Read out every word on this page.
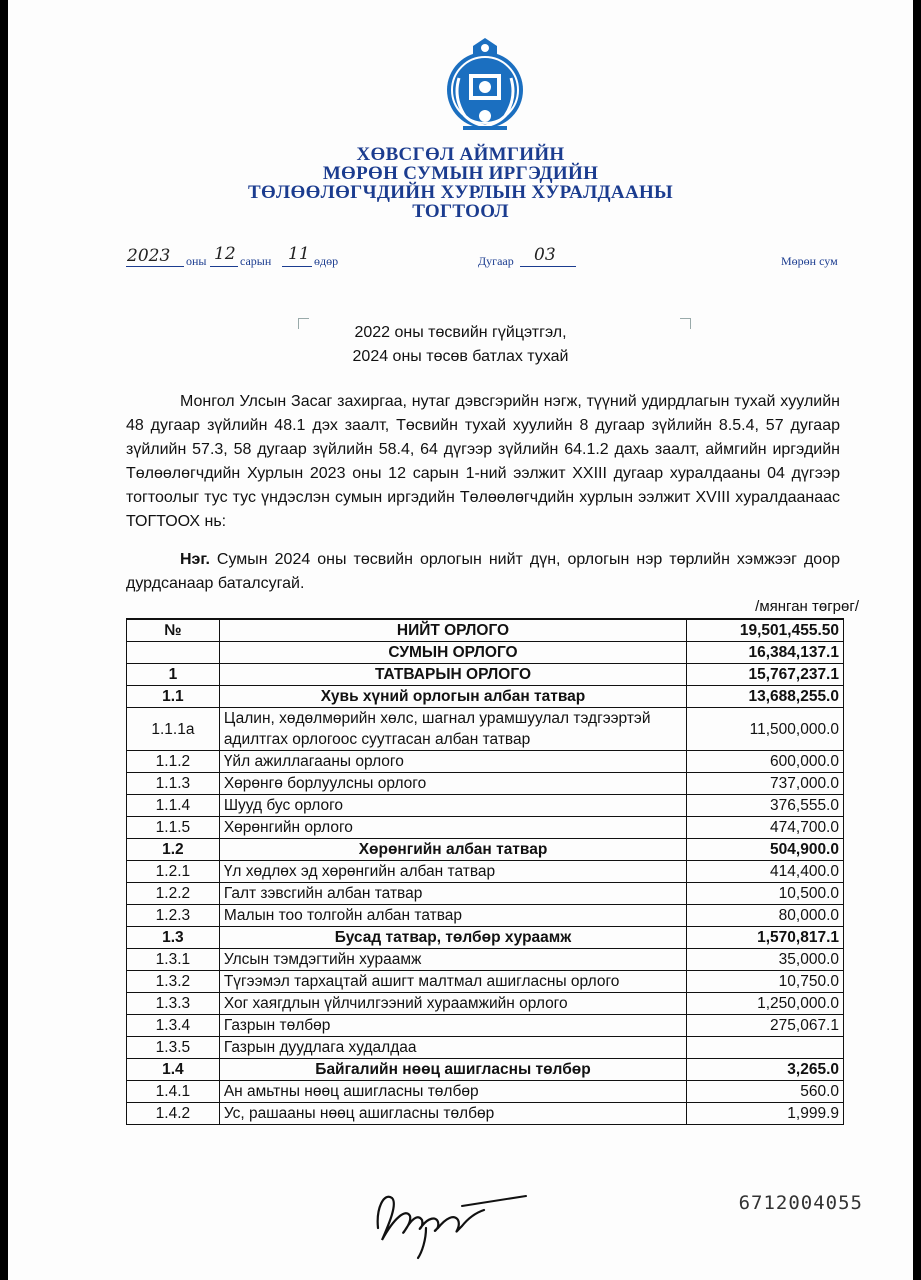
ХӨВСГӨЛ АЙМГИЙН
МӨРӨН СУМЫН ИРГЭДИЙН
ТӨЛӨӨЛӨГЧДИЙН ХУРЛЫН ХУРАЛДААНЫ
ТОГТООЛ
2023 оны 12 сарын 11 өдөр	Дугаар 03	Мөрөн сум
2022 оны төсвийн гүйцэтгэл,
2024 оны төсөв батлах тухай
Монгол Улсын Засаг захиргаа, нутаг дэвсгэрийн нэгж, түүний удирдлагын тухай хуулийн 48 дугаар зүйлийн 48.1 дэх заалт, Төсвийн тухай хуулийн 8 дугаар зүйлийн 8.5.4, 57 дугаар зүйлийн 57.3, 58 дугаар зүйлийн 58.4, 64 дүгээр зүйлийн 64.1.2 дахь заалт, аймгийн иргэдийн Төлөөлөгчдийн Хурлын 2023 оны 12 сарын 1-ний ээлжит XXIII дугаар хуралдааны 04 дүгээр тогтоолыг тус тус үндэслэн сумын иргэдийн Төлөөлөгчдийн хурлын ээлжит XVIII хуралдаанаас ТОГТООХ нь:
Нэг. Сумын 2024 оны төсвийн орлогын нийт дүн, орлогын нэр төрлийн хэмжээг доор дурдсанаар баталсугай.
/мянган төгрөг/
№	НИЙТ ОРЛОГО	19,501,455.50
	СУМЫН ОРЛОГО	16,384,137.1
1	ТАТВАРЫН ОРЛОГО	15,767,237.1
1.1	Хувь хүний орлогын албан татвар	13,688,255.0
1.1.1а	Цалин, хөдөлмөрийн хөлс, шагнал урамшуулал тэдгээртэй адилтгах орлогоос суутгасан албан татвар	11,500,000.0
1.1.2	Үйл ажиллагааны орлого	600,000.0
1.1.3	Хөрөнгө борлуулсны орлого	737,000.0
1.1.4	Шууд бус орлого	376,555.0
1.1.5	Хөрөнгийн орлого	474,700.0
1.2	Хөрөнгийн албан татвар	504,900.0
1.2.1	Үл хөдлөх эд хөрөнгийн албан татвар	414,400.0
1.2.2	Галт зэвсгийн албан татвар	10,500.0
1.2.3	Малын тоо толгойн албан татвар	80,000.0
1.3	Бусад татвар, төлбөр хураамж	1,570,817.1
1.3.1	Улсын тэмдэгтийн хураамж	35,000.0
1.3.2	Түгээмэл тархацтай ашигт малтмал ашигласны орлого	10,750.0
1.3.3	Хог хаягдлын үйлчилгээний хураамжийн орлого	1,250,000.0
1.3.4	Газрын төлбөр	275,067.1
1.3.5	Газрын дуудлага худалдаа	
1.4	Байгалийн нөөц ашигласны төлбөр	3,265.0
1.4.1	Ан амьтны нөөц ашигласны төлбөр	560.0
1.4.2	Ус, рашааны нөөц ашигласны төлбөр	1,999.9
6712004055
